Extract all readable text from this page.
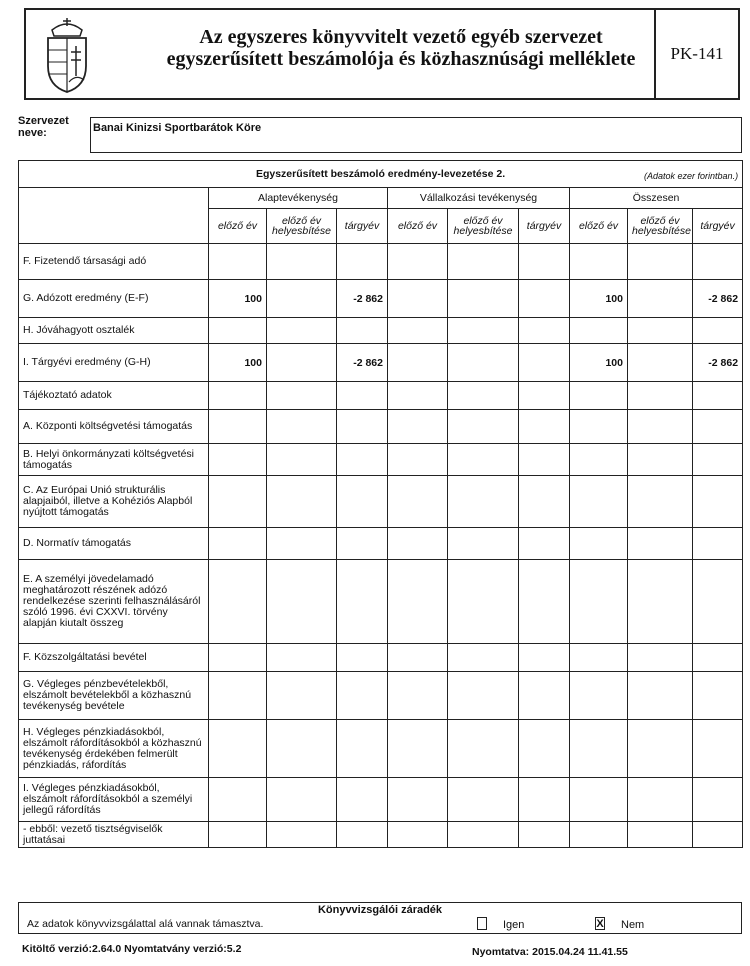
Az egyszeres könyvvitelt vezető egyéb szervezet
egyszerűsített beszámolója és közhasznúsági melléklete	PK-141
Szervezet
neve:	Banai Kinizsi Sportbarátok Köre
Egyszerűsített beszámoló eredmény-levezetése 2. (Adatok ezer forintban.)									

	Alaptevékenység			Vállalkozási tevékenység			Összesen		
	előző év	előző év helyesbítése	tárgyév	előző év	előző év helyesbítése	tárgyév	előző év	előző év helyesbítése	tárgyév
F. Fizetendő társasági adó									
G. Adózott eredmény (E-F)	100		-2 862				100		-2 862
H. Jóváhagyott osztalék									
I. Tárgyévi eredmény (G-H)	100		-2 862				100		-2 862
Tájékoztató adatok									
A. Központi költségvetési támogatás									
B. Helyi önkormányzati költségvetési támogatás									
C. Az Európai Unió strukturális alapjaiból, illetve a Kohéziós Alapból nyújtott támogatás									
D. Normatív támogatás									
E. A személyi jövedelamadó meghatározott részének adózó rendelkezése szerinti felhasználásáról szóló 1996. évi CXXVI. törvény alapján kiutalt összeg									
F. Közszolgáltatási bevétel									
G. Végleges pénzbevételekből, elszámolt bevételekből a közhasznú tevékenység bevétele									
H. Végleges pénzkiadásokból, elszámolt ráfordításokból a közhasznú tevékenység érdekében felmerült pénzkiadás, ráfordítás									
I. Végleges pénzkiadásokból, elszámolt ráfordításokból a személyi jellegű ráfordítás									
- ebből: vezető tisztségviselők juttatásai									
Könyvvizsgálói záradék
Az adatok könyvvizsgálattal alá vannak támasztva.	Igen	X Nem
Kitöltő verzió:2.64.0 Nyomtatvány verzió:5.2	Nyomtatva: 2015.04.24 11.41.55
